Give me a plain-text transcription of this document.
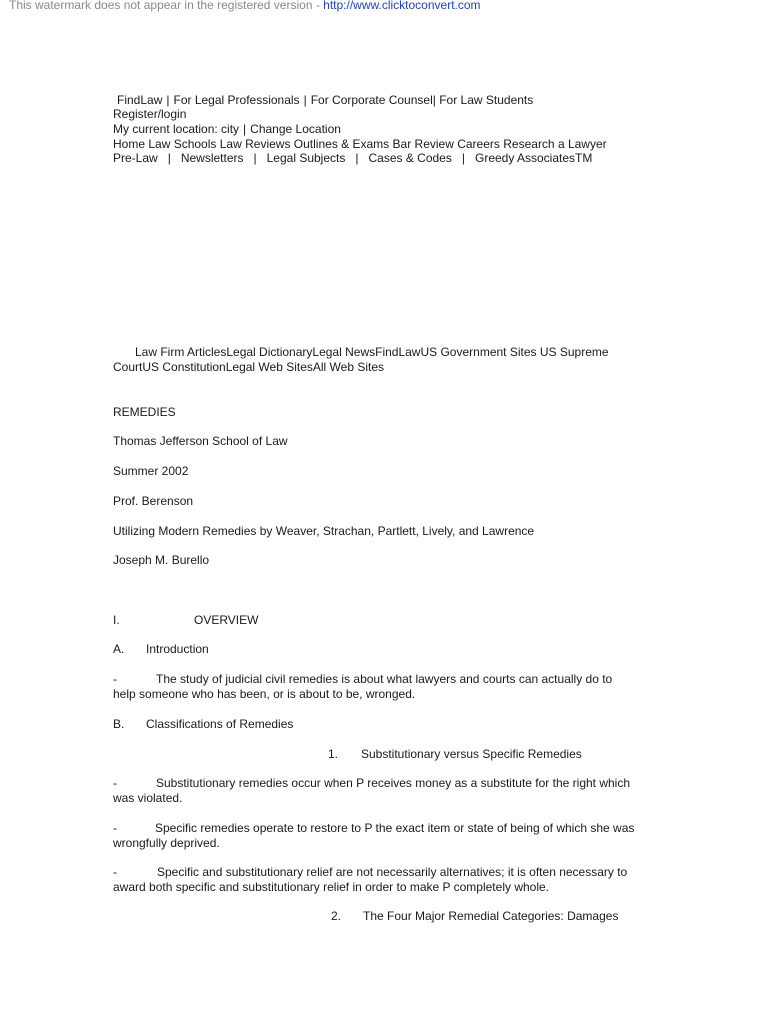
This watermark does not appear in the registered version - http://www.clicktoconvert.com
FindLaw | For Legal Professionals | For Corporate Counsel| For Law Students
Register/login
My current location: city | Change Location
Home Law Schools Law Reviews Outlines & Exams Bar Review Careers Research a Lawyer
Pre-Law | Newsletters | Legal Subjects | Cases & Codes | Greedy AssociatesTM
Law Firm ArticlesLegal DictionaryLegal NewsFindLawUS Government Sites US Supreme
CourtUS ConstitutionLegal Web SitesAll Web Sites
REMEDIES
Thomas Jefferson School of Law
Summer 2002
Prof. Berenson
Utilizing Modern Remedies by Weaver, Strachan, Partlett, Lively, and Lawrence
Joseph M. Burello
I.	OVERVIEW
A. Introduction
-	The study of judicial civil remedies is about what lawyers and courts can actually do to
help someone who has been, or is about to be, wronged.
B. Classifications of Remedies
1. Substitutionary versus Specific Remedies
-	Substitutionary remedies occur when P receives money as a substitute for the right which
was violated.
-	Specific remedies operate to restore to P the exact item or state of being of which she was
wrongfully deprived.
-	Specific and substitutionary relief are not necessarily alternatives; it is often necessary to
award both specific and substitutionary relief in order to make P completely whole.
2. The Four Major Remedial Categories: Damages
